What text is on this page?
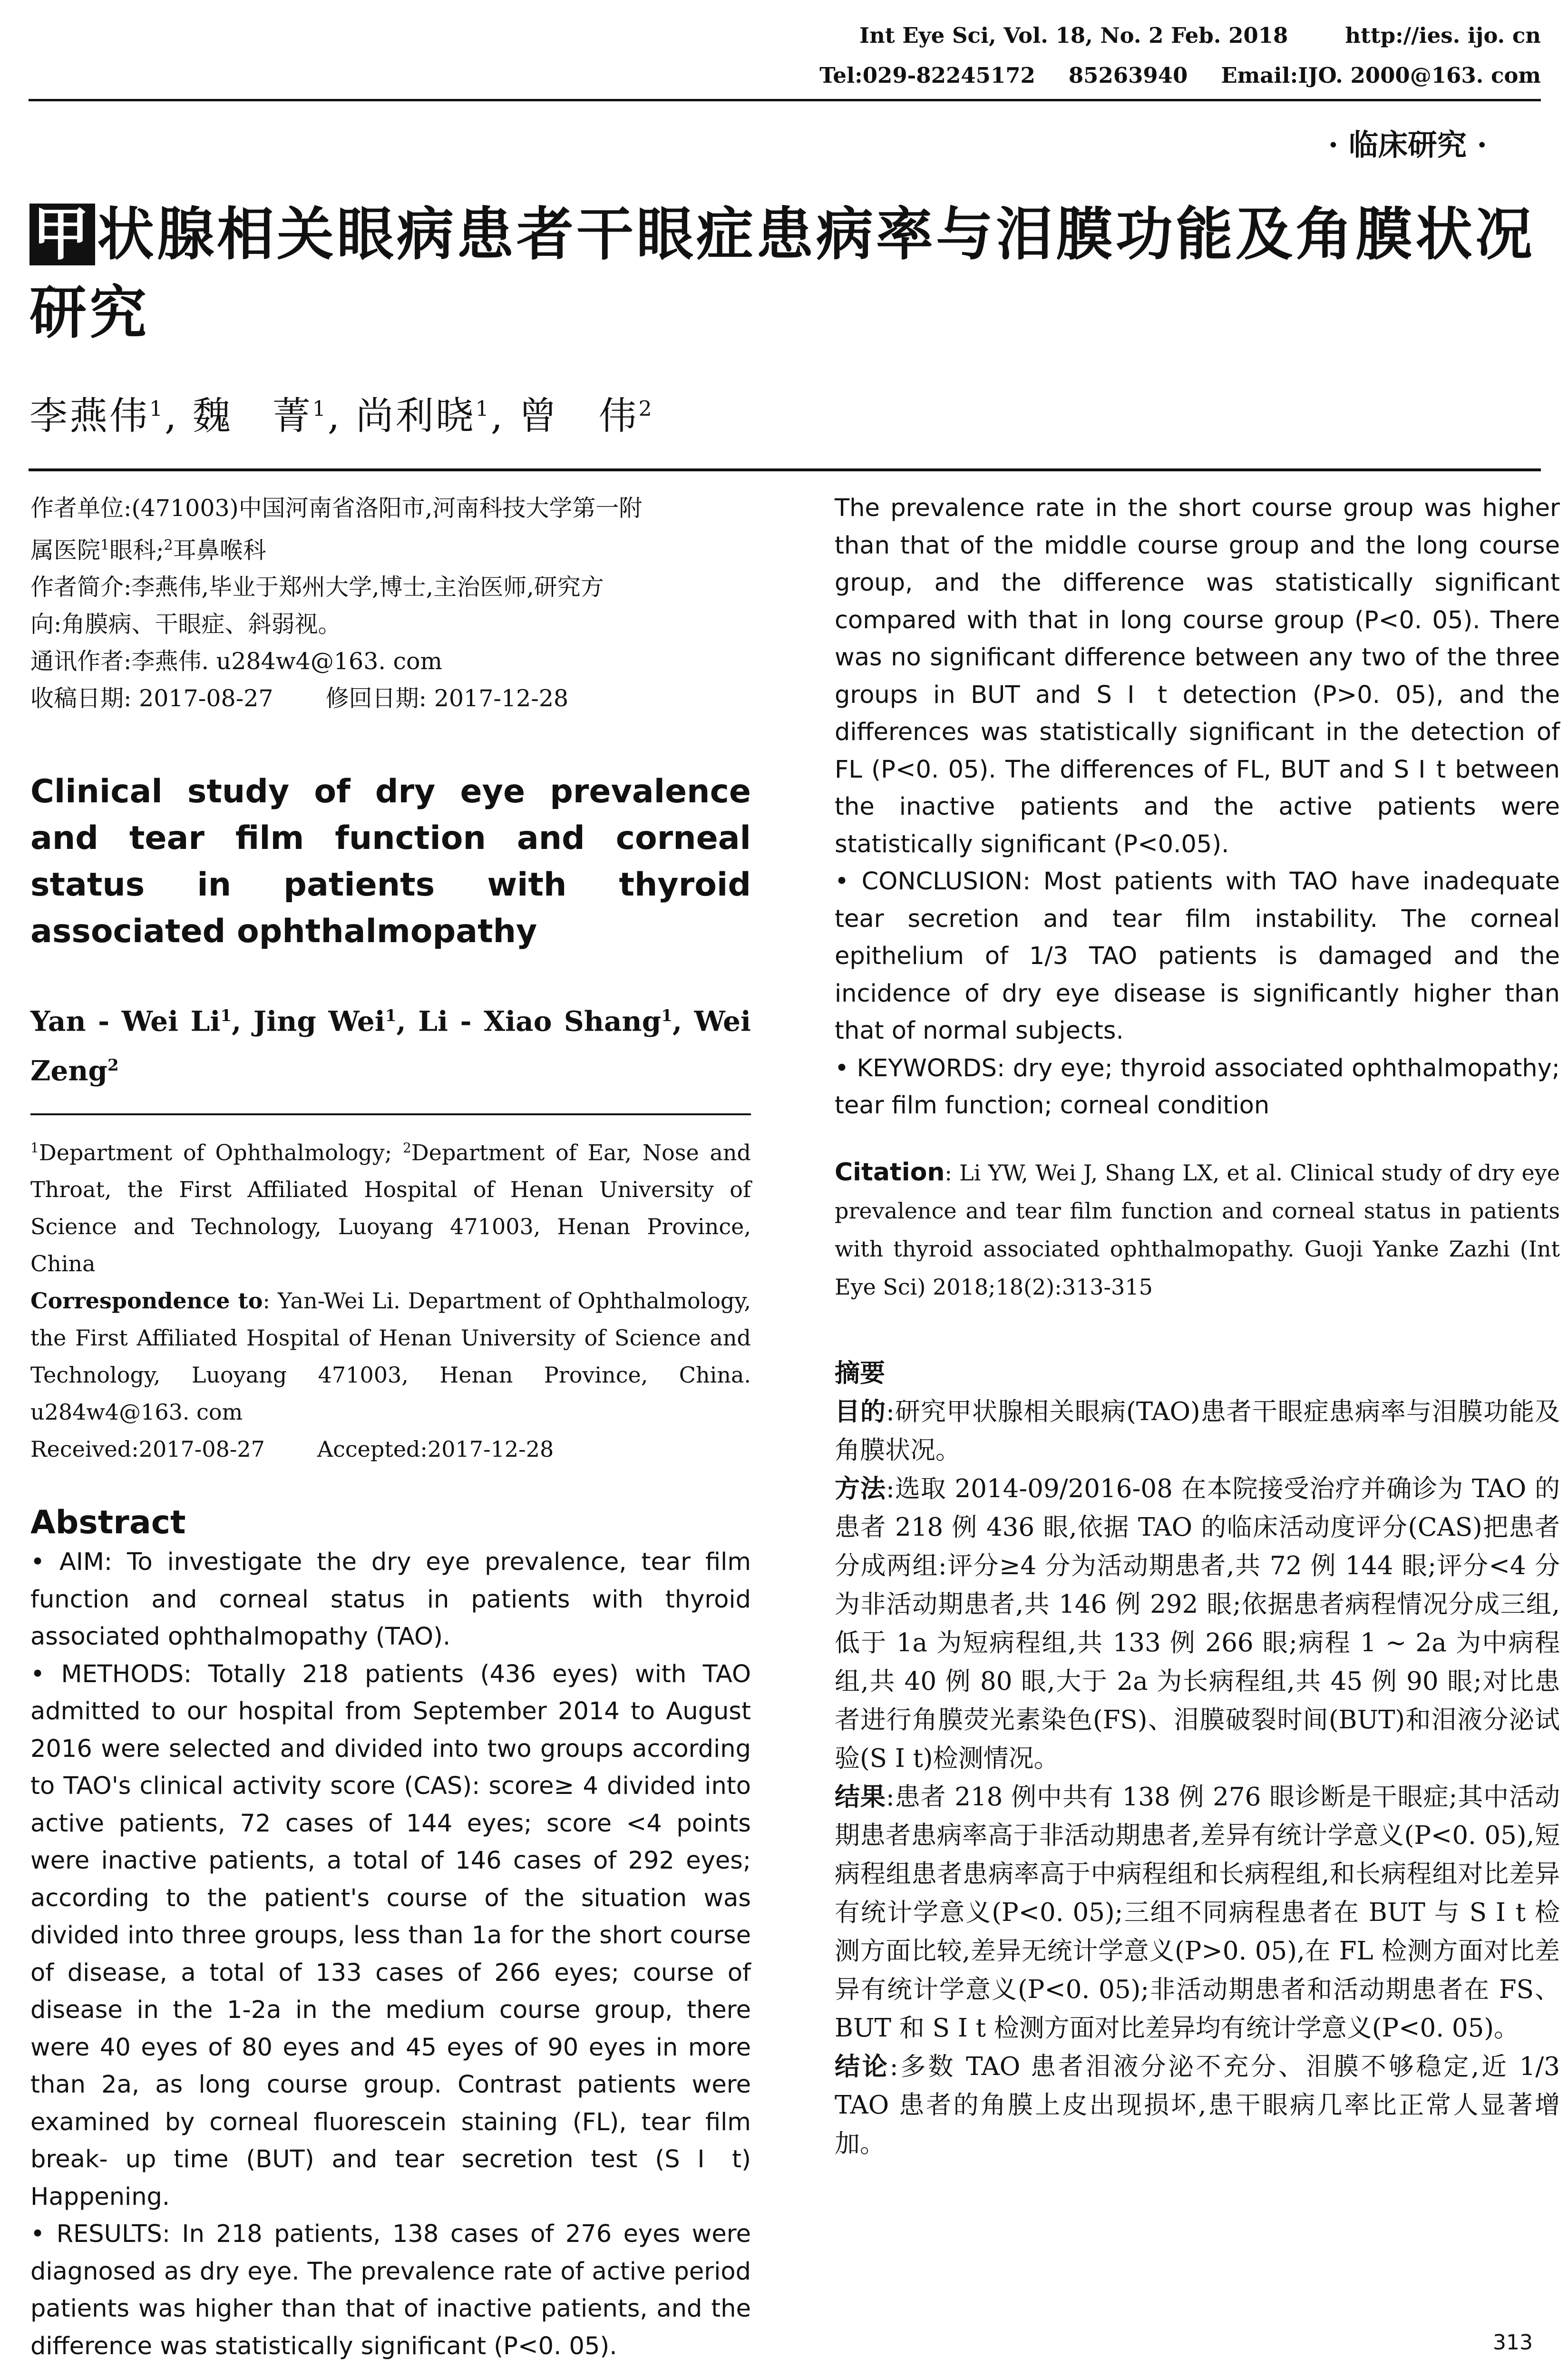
Int Eye Sci, Vol. 18, No. 2 Feb. 2018	http://ies. ijo. cn
Tel:029-82245172 85263940 Email:IJO. 2000@163. com
· 临床研究 ·
甲状腺相关眼病患者干眼症患病率与泪膜功能及角膜状况研究
李燕伟$^1$, 魏　菁$^1$, 尚利晓$^1$, 曾　伟$^2$
作者单位:(471003)中国河南省洛阳市,河南科技大学第一附
属医院$^1$眼科;$^2$耳鼻喉科
作者简介:李燕伟,毕业于郑州大学,博士,主治医师,研究方
向:角膜病、干眼症、斜弱视。
通讯作者:李燕伟. u284w4@163. com
收稿日期: 2017-08-27 修回日期: 2017-12-28
Clinical study of dry eye prevalence and tear film function and corneal status in patients with thyroid associated ophthalmopathy
Yan - Wei Li$^1$, Jing Wei$^1$, Li - Xiao Shang$^1$, Wei Zeng$^2$
$^1$Department of Ophthalmology; $^2$Department of Ear, Nose and Throat, the First Affiliated Hospital of Henan University of Science and Technology, Luoyang 471003, Henan Province, China
Correspondence to: Yan-Wei Li. Department of Ophthalmology, the First Affiliated Hospital of Henan University of Science and Technology, Luoyang 471003, Henan Province, China. u284w4@163. com
Received:2017-08-27 Accepted:2017-12-28
Abstract

• AIM: To investigate the dry eye prevalence, tear film function and corneal status in patients with thyroid associated ophthalmopathy (TAO).

• METHODS: Totally 218 patients (436 eyes) with TAO admitted to our hospital from September 2014 to August 2016 were selected and divided into two groups according to TAO's clinical activity score (CAS): score≥ 4 divided into active patients, 72 cases of 144 eyes; score <4 points were inactive patients, a total of 146 cases of 292 eyes; according to the patient's course of the situation was divided into three groups, less than 1a for the short course of disease, a total of 133 cases of 266 eyes; course of disease in the 1-2a in the medium course group, there were 40 eyes of 80 eyes and 45 eyes of 90 eyes in more than 2a, as long course group. Contrast patients were examined by corneal fluorescein staining (FL), tear film break- up time (BUT) and tear secretion test (S Ⅰ t) Happening.

• RESULTS: In 218 patients, 138 cases of 276 eyes were diagnosed as dry eye. The prevalence rate of active period patients was higher than that of inactive patients, and the difference was statistically significant (P<0. 05).

The prevalence rate in the short course group was higher than that of the middle course group and the long course group, and the difference was statistically significant compared with that in long course group (P<0. 05). There was no significant difference between any two of the three groups in BUT and S Ⅰ t detection (P>0. 05), and the differences was statistically significant in the detection of FL (P<0. 05). The differences of FL, BUT and S Ⅰ t between the inactive patients and the active patients were statistically significant (P<0.05).

• CONCLUSION: Most patients with TAO have inadequate tear secretion and tear film instability. The corneal epithelium of 1/3 TAO patients is damaged and the incidence of dry eye disease is significantly higher than that of normal subjects.

• KEYWORDS: dry eye; thyroid associated ophthalmopathy; tear film function; corneal condition

Citation: Li YW, Wei J, Shang LX, et al. Clinical study of dry eye prevalence and tear film function and corneal status in patients with thyroid associated ophthalmopathy. Guoji Yanke Zazhi (Int Eye Sci) 2018;18(2):313-315
摘要

目的:研究甲状腺相关眼病(TAO)患者干眼症患病率与泪膜功能及角膜状况。

方法:选取 2014-09/2016-08 在本院接受治疗并确诊为 TAO 的患者 218 例 436 眼,依据 TAO 的临床活动度评分(CAS)把患者分成两组:评分≥4 分为活动期患者,共 72 例 144 眼;评分<4 分为非活动期患者,共 146 例 292 眼;依据患者病程情况分成三组,低于 1a 为短病程组,共 133 例 266 眼;病程 1 ~ 2a 为中病程组,共 40 例 80 眼,大于 2a 为长病程组,共 45 例 90 眼;对比患者进行角膜荧光素染色(FS)、泪膜破裂时间(BUT)和泪液分泌试验(S Ⅰ t)检测情况。

结果:患者 218 例中共有 138 例 276 眼诊断是干眼症;其中活动期患者患病率高于非活动期患者,差异有统计学意义(P<0. 05),短病程组患者患病率高于中病程组和长病程组,和长病程组对比差异有统计学意义(P<0. 05);三组不同病程患者在 BUT 与 S Ⅰ t 检测方面比较,差异无统计学意义(P>0. 05),在 FL 检测方面对比差异有统计学意义(P<0. 05);非活动期患者和活动期患者在 FS、BUT 和 S Ⅰ t 检测方面对比差异均有统计学意义(P<0. 05)。

结论:多数 TAO 患者泪液分泌不充分、泪膜不够稳定,近 1/3 TAO 患者的角膜上皮出现损坏,患干眼病几率比正常人显著增加。

313
